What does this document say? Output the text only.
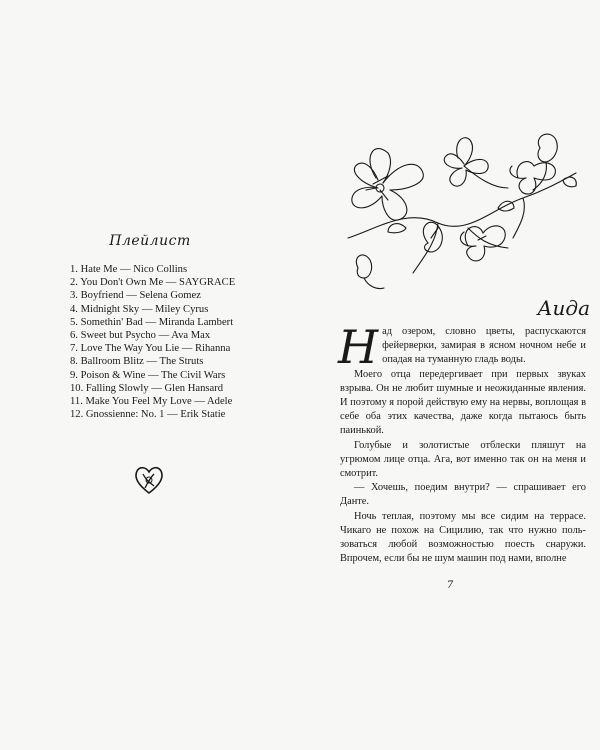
Плейлист
1. Hate Me — Nico Collins
2. You Don't Own Me — SAYGRACE
3. Boyfriend — Selena Gomez
4. Midnight Sky — Miley Cyrus
5. Somethin' Bad — Miranda Lambert
6. Sweet but Psycho — Ava Max
7. Love The Way You Lie — Rihanna
8. Ballroom Blitz — The Struts
9. Poison & Wine — The Civil Wars
10. Falling Slowly — Glen Hansard
11. Make You Feel My Love — Adele
12. Gnossienne: No. 1 — Erik Statie
Аида

Над озером, словно цветы, распускаются фейерверки, замирая в ясном ночном небе и опадая на туманную гладь воды.

Моего отца передергивает при первых звуках взрыва. Он не любит шумные и неожиданные явления. И поэтому я порой действую ему на нервы, воплощая в себе оба этих качества, даже когда пытаюсь быть паинькой.

Голубые и золотистые отблески пляшут на угрюмом лице отца. Ага, вот именно так он на меня и смотрит.

— Хочешь, поедим внутри? — спрашивает его Данте.

Ночь теплая, поэтому мы все сидим на террасе. Чикаго не похож на Сицилию, так что нужно пользоваться любой возможностью поесть снаружи. Впрочем, если бы не шум машин под нами, вполне

7
